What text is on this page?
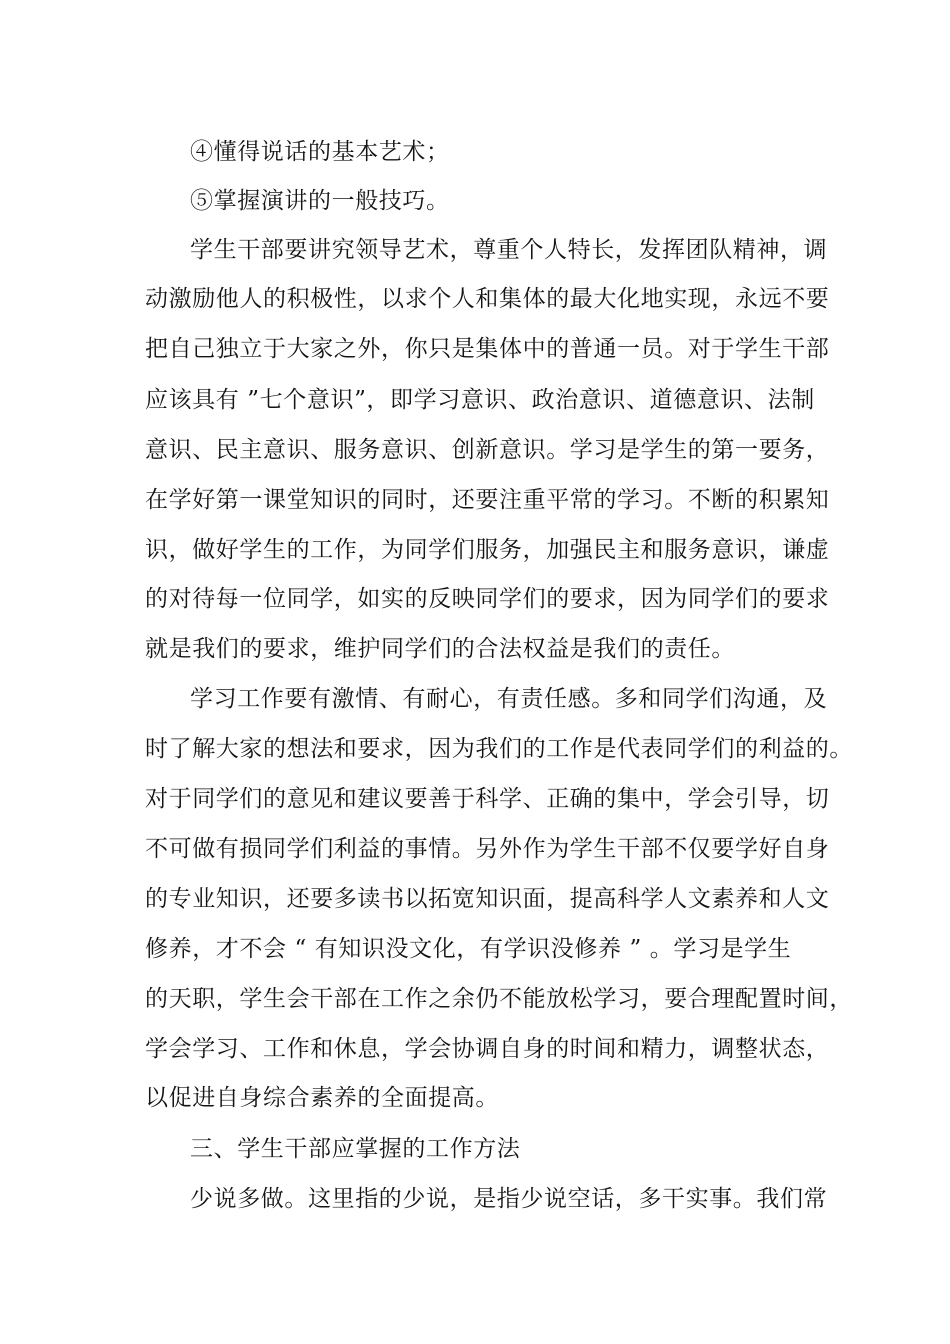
④懂得说话的基本艺术；
⑤掌握演讲的一般技巧。
学生干部要讲究领导艺术，尊重个人特长，发挥团队精神，调
动激励他人的积极性，以求个人和集体的最大化地实现，永远不要
把自己独立于大家之外，你只是集体中的普通一员。对于学生干部
应该具有 ”七个意识”，即学习意识、政治意识、道德意识、法制
意识、民主意识、服务意识、创新意识。学习是学生的第一要务，
在学好第一课堂知识的同时，还要注重平常的学习。不断的积累知
识，做好学生的工作，为同学们服务，加强民主和服务意识，谦虚
的对待每一位同学，如实的反映同学们的要求，因为同学们的要求
就是我们的要求，维护同学们的合法权益是我们的责任。
学习工作要有激情、有耐心，有责任感。多和同学们沟通，及
时了解大家的想法和要求，因为我们的工作是代表同学们的利益的。
对于同学们的意见和建议要善于科学、正确的集中，学会引导，切
不可做有损同学们利益的事情。另外作为学生干部不仅要学好自身
的专业知识，还要多读书以拓宽知识面，提高科学人文素养和人文
修养，才不会 “ 有知识没文化，有学识没修养 ” 。学习是学生
的天职，学生会干部在工作之余仍不能放松学习，要合理配置时间，
学会学习、工作和休息，学会协调自身的时间和精力，调整状态，
以促进自身综合素养的全面提高。
三、学生干部应掌握的工作方法
少说多做。这里指的少说，是指少说空话，多干实事。我们常
